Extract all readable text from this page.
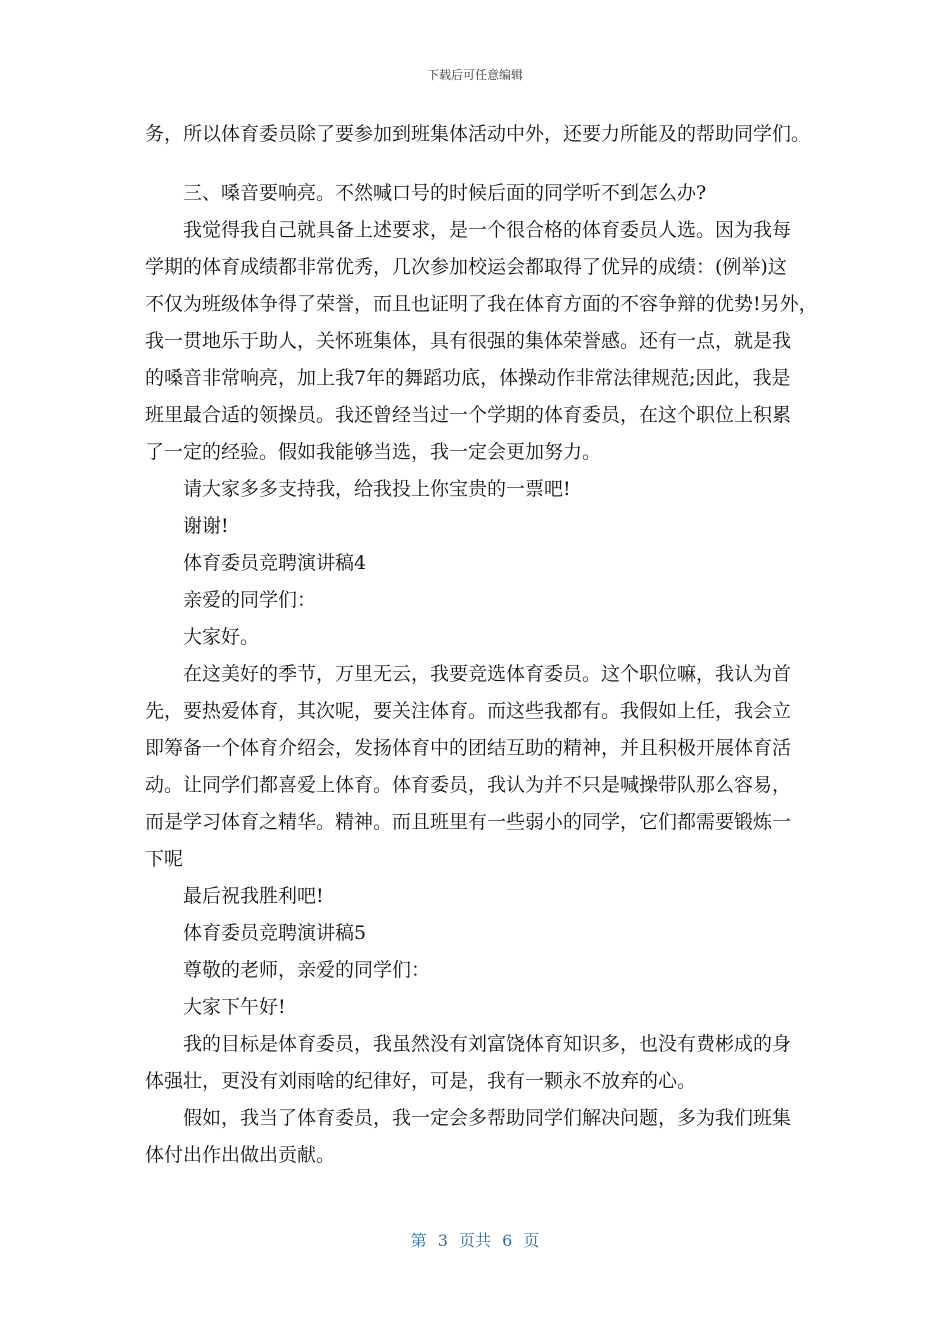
下载后可任意编辑
务，所以体育委员除了要参加到班集体活动中外，还要力所能及的帮助同学们。
三、嗓音要响亮。不然喊口号的时候后面的同学听不到怎么办?
我觉得我自己就具备上述要求，是一个很合格的体育委员人选。因为我每
学期的体育成绩都非常优秀，几次参加校运会都取得了优异的成绩：(例举)这
不仅为班级体争得了荣誉，而且也证明了我在体育方面的不容争辩的优势!另外，
我一贯地乐于助人，关怀班集体，具有很强的集体荣誉感。还有一点，就是我
的嗓音非常响亮，加上我7年的舞蹈功底，体操动作非常法律规范;因此，我是
班里最合适的领操员。我还曾经当过一个学期的体育委员，在这个职位上积累
了一定的经验。假如我能够当选，我一定会更加努力。
请大家多多支持我，给我投上你宝贵的一票吧!
谢谢!
体育委员竞聘演讲稿4
亲爱的同学们：
大家好。
在这美好的季节，万里无云，我要竞选体育委员。这个职位嘛，我认为首
先，要热爱体育，其次呢，要关注体育。而这些我都有。我假如上任，我会立
即筹备一个体育介绍会，发扬体育中的团结互助的精神，并且积极开展体育活
动。让同学们都喜爱上体育。体育委员，我认为并不只是喊操带队那么容易，
而是学习体育之精华。精神。而且班里有一些弱小的同学，它们都需要锻炼一
下呢
最后祝我胜利吧!
体育委员竞聘演讲稿5
尊敬的老师，亲爱的同学们：
大家下午好!
我的目标是体育委员，我虽然没有刘富饶体育知识多，也没有费彬成的身
体强壮，更没有刘雨啥的纪律好，可是，我有一颗永不放弃的心。
假如，我当了体育委员，我一定会多帮助同学们解决问题，多为我们班集
体付出作出做出贡献。
第 3 页共 6 页
